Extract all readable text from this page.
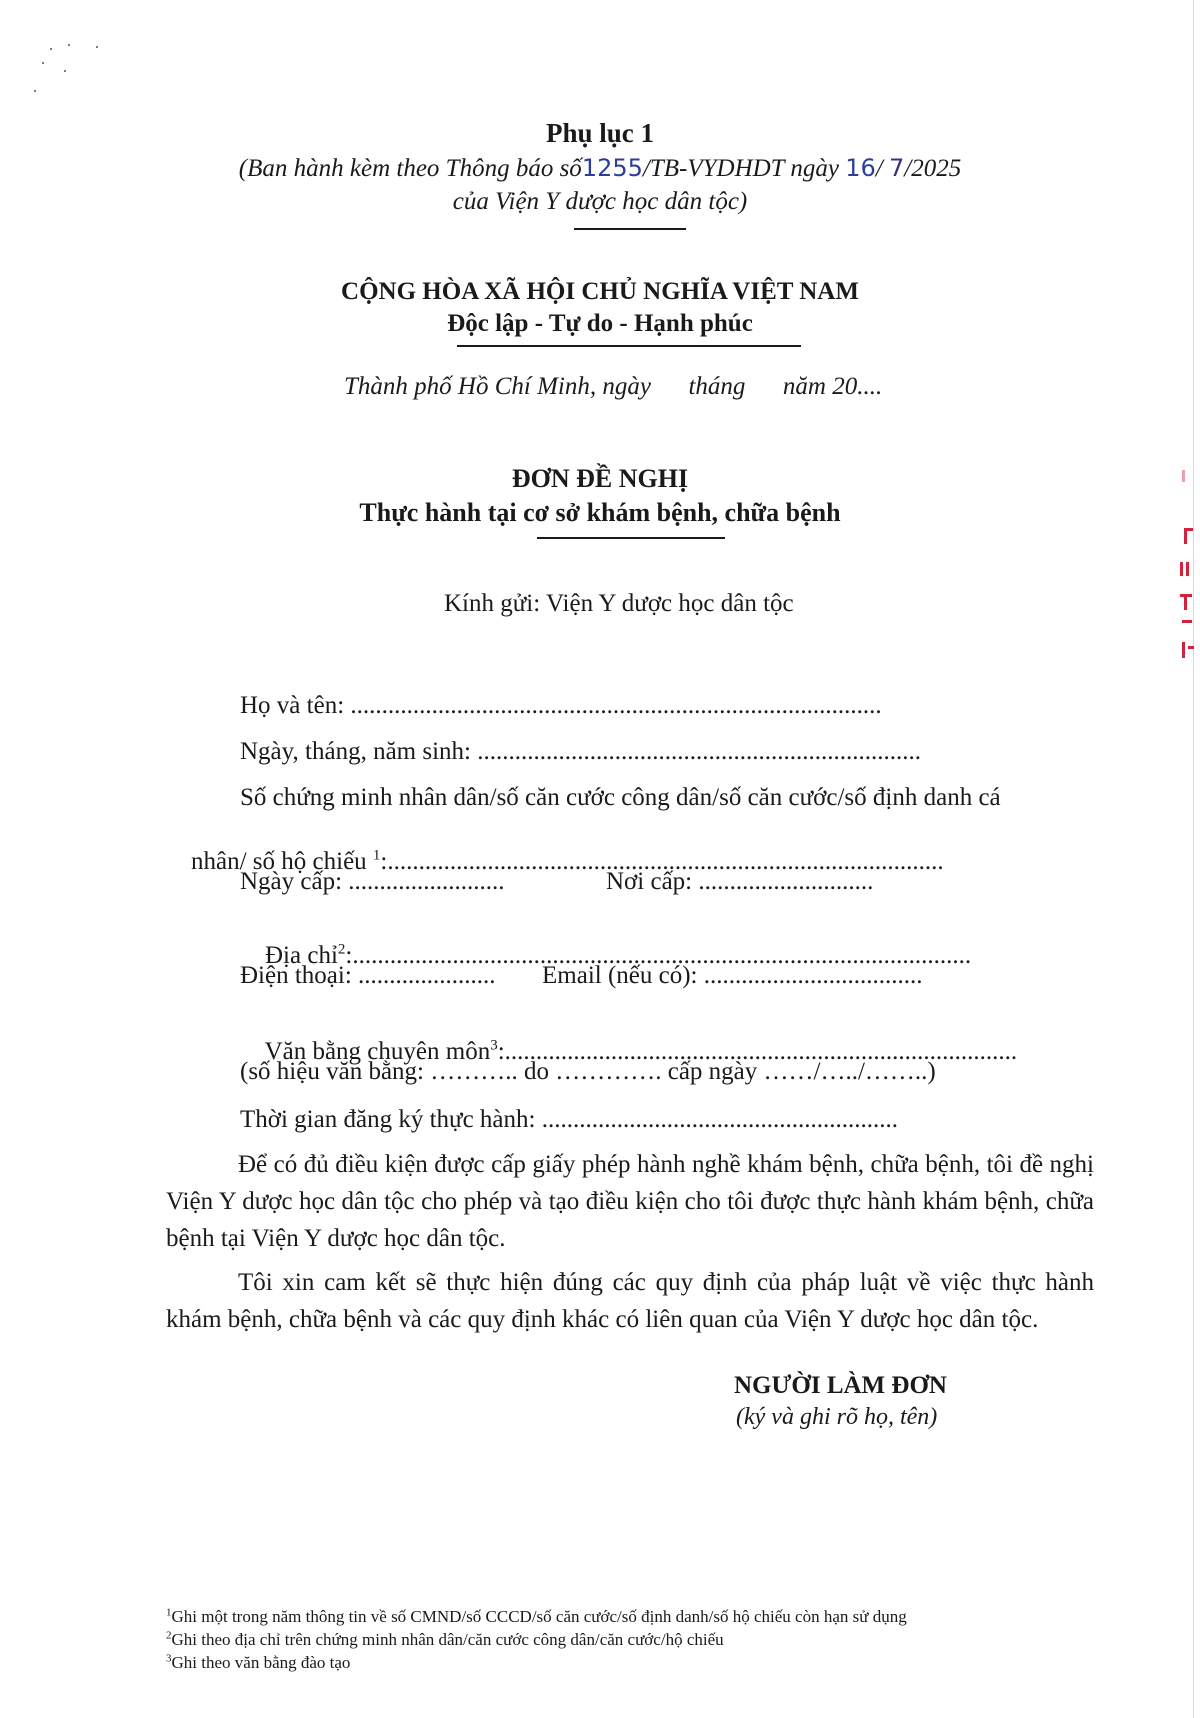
Phụ lục 1
(Ban hành kèm theo Thông báo số1255/TB-VYDHDT ngày 16/ 7/2025
của Viện Y dược học dân tộc)
CỘNG HÒA XÃ HỘI CHỦ NGHĨA VIỆT NAM
Độc lập - Tự do - Hạnh phúc
Thành phố Hồ Chí Minh, ngày      tháng      năm 20....
ĐƠN ĐỀ NGHỊ
Thực hành tại cơ sở khám bệnh, chữa bệnh
Kính gửi: Viện Y dược học dân tộc
Họ và tên: .....................................................................................
Ngày, tháng, năm sinh: .......................................................................
Số chứng minh nhân dân/số căn cước công dân/số căn cước/số định danh cá

nhân/ số hộ chiếu $^1$:.........................................................................................

Ngày cấp: .........................	Nơi cấp: ............................

Địa chỉ$^2$:...................................................................................................

Điện thoại: ...................... Email (nếu có): ...................................

Văn bằng chuyên môn$^3$:..................................................................................

(số hiệu văn bằng: ……….. do …………. cấp ngày ……/…../……..)
Thời gian đăng ký thực hành: .........................................................

Để có đủ điều kiện được cấp giấy phép hành nghề khám bệnh, chữa bệnh, tôi đề nghị Viện Y dược học dân tộc cho phép và tạo điều kiện cho tôi được thực hành khám bệnh, chữa bệnh tại Viện Y dược học dân tộc.

Tôi xin cam kết sẽ thực hiện đúng các quy định của pháp luật về việc thực hành khám bệnh, chữa bệnh và các quy định khác có liên quan của Viện Y dược học dân tộc.

NGƯỜI LÀM ĐƠN
(ký và ghi rõ họ, tên)
$^1$Ghi một trong năm thông tin về số CMND/số CCCD/số căn cước/số định danh/số hộ chiếu còn hạn sử dụng
$^2$Ghi theo địa chỉ trên chứng minh nhân dân/căn cước công dân/căn cước/hộ chiếu
$^3$Ghi theo văn bằng đào tạo
